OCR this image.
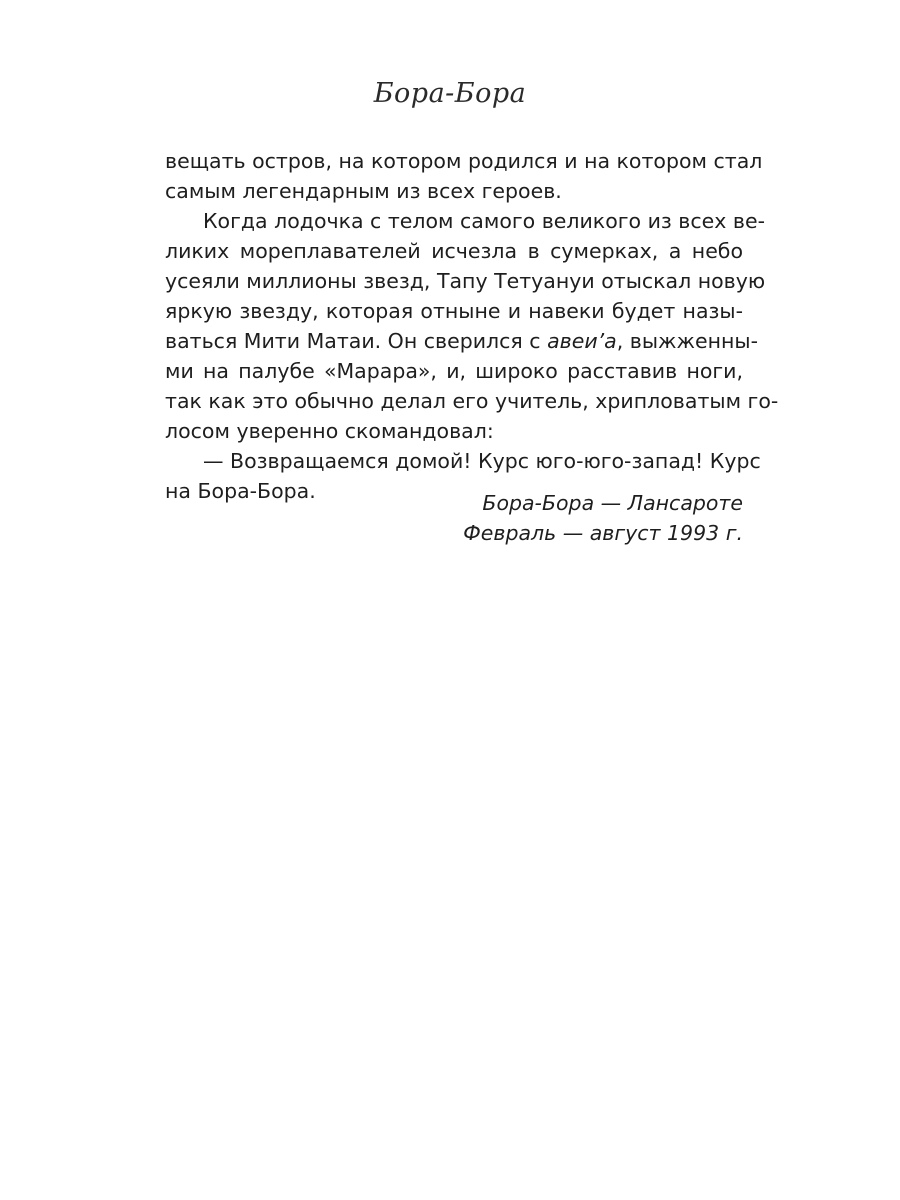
Бора-Бора
вещать остров, на котором родился и на котором стал
самым легендарным из всех героев.
Когда лодочка с телом самого великого из всех ве-
ликих мореплавателей исчезла в сумерках, а небо
усеяли миллионы звезд, Тапу Тетуануи отыскал новую
яркую звезду, которая отныне и навеки будет назы-
ваться Мити Матаи. Он сверился с авеи’а, выжженны-
ми на палубе «Марара», и, широко расставив ноги,
так как это обычно делал его учитель, хрипловатым го-
лосом уверенно скомандовал:
— Возвращаемся домой! Курс юго-юго-запад! Курс
на Бора-Бора.	Бора-Бора — Лансароте
Февраль — август 1993 г.
